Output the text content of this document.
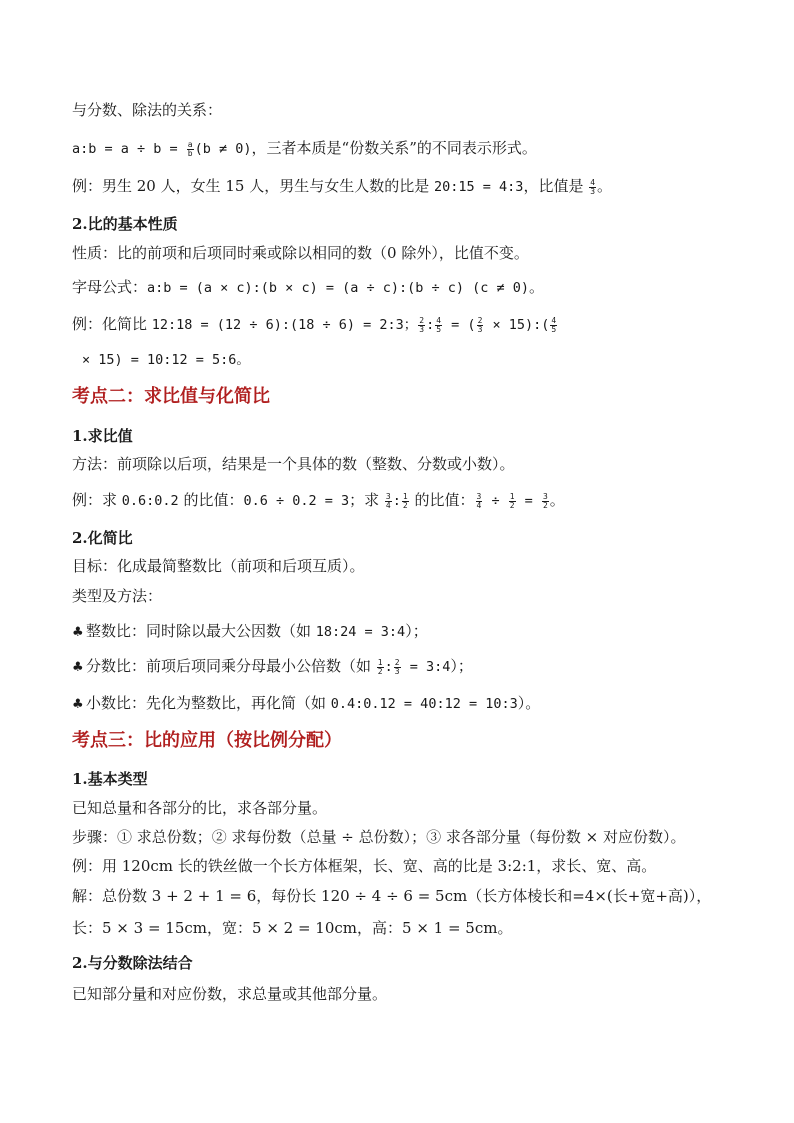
与分数、除法的关系：

a:b = $a \div b = \frac{a}{b} (b \ne 0)$，三者本质是“份数关系”的不同表示形式。

例：男生 20 人，女生 15 人，男生与女生人数的比是 20:15 = 4:3，比值是 $\frac{4}{3}$ 。

2.比的基本性质

性质：比的前项和后项同时乘或除以相同的数（0 除外），比值不变。

字母公式：a:b = (a × c):(b × c) = (a ÷ c):(b ÷ c) (c ≠ 0)。

例：化简比 12:18 = (12 ÷ 6):(18 ÷ 6) = 2:3； $\frac{2}{3}$ : $\frac{4}{5}$ = ( $\frac{2}{3}$ × 15):( $\frac{4}{5}$

× 15) = 10:12 = 5:6。

考点二：求比值与化简比

1.求比值

方法：前项除以后项，结果是一个具体的数（整数、分数或小数）。

例：求 0.6:0.2 的比值：0.6 ÷ 0.2 = 3；求 $\frac{3}{4}$ : $\frac{1}{2}$ 的比值： $\frac{3}{4} \div \frac{1}{2} = \frac{3}{2}$ 。

2.化简比

目标：化成最简整数比（前项和后项互质）。

类型及方法：

♣ 整数比：同时除以最大公因数（如 18:24 = 3:4）；

♣ 分数比：前项后项同乘分母最小公倍数（如 $\frac{1}{2}$ : $\frac{2}{3}$ = 3:4）；

♣ 小数比：先化为整数比，再化简（如 0.4:0.12 = 40:12 = 10:3）。

考点三：比的应用（按比例分配）

1.基本类型

已知总量和各部分的比，求各部分量。

步骤：① 求总份数；② 求每份数（总量 ÷ 总份数）；③ 求各部分量（每份数 × 对应份数）。

例：用 120cm 长的铁丝做一个长方体框架，长、宽、高的比是 3:2:1，求长、宽、高。

解：总份数 3 + 2 + 1 = 6，每份长 120 ÷ 4 ÷ 6 = 5cm（长方体棱长和=4×(长+宽+高)），

长：5 × 3 = 15cm，宽：5 × 2 = 10cm，高：5 × 1 = 5cm。

2.与分数除法结合

已知部分量和对应份数，求总量或其他部分量。
